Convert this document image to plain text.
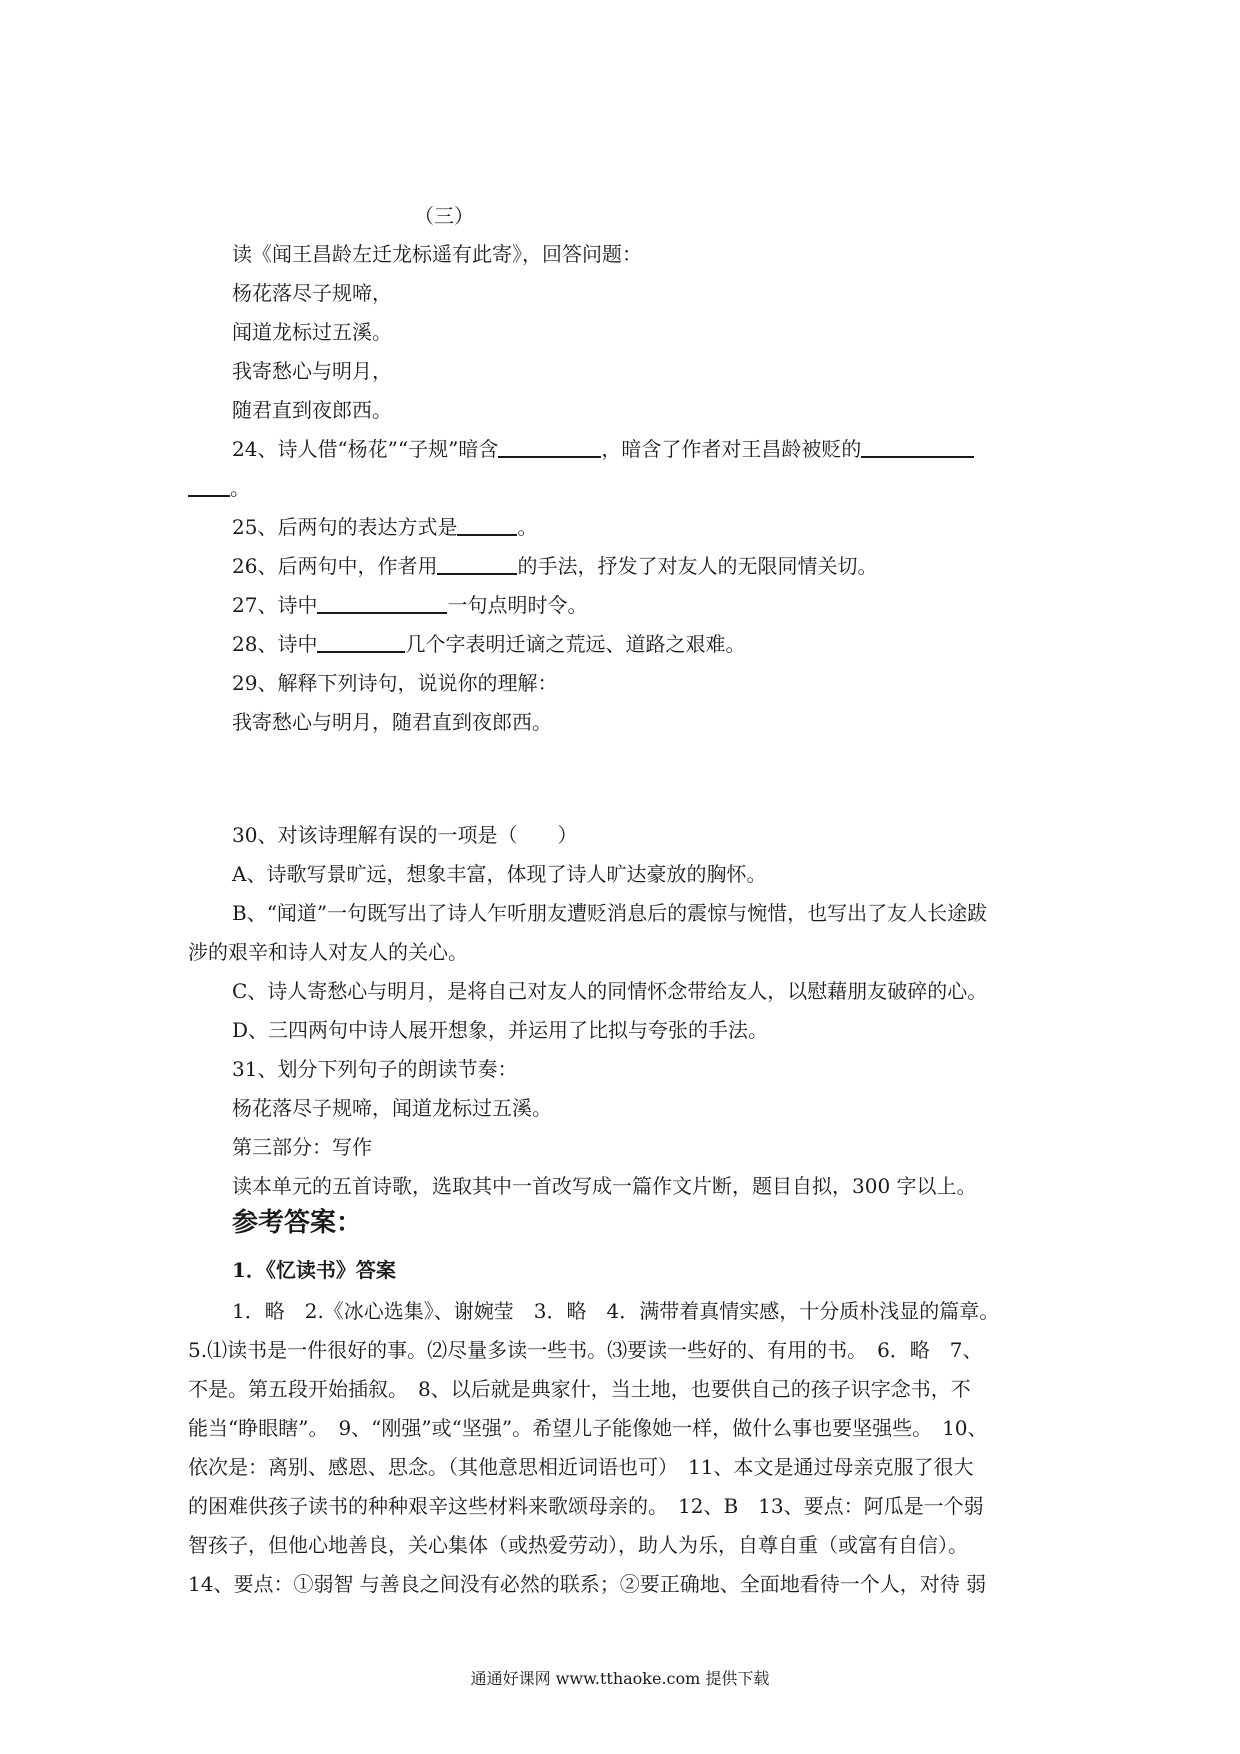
（三）
读《闻王昌龄左迁龙标遥有此寄》，回答问题：
杨花落尽子规啼，
闻道龙标过五溪。
我寄愁心与明月，
随君直到夜郎西。
24、诗人借“杨花”“子规”暗含	，暗含了作者对王昌龄被贬的
。
25、后两句的表达方式是	。
26、后两句中，作者用	的手法，抒发了对友人的无限同情关切。
27、诗中	一句点明时令。
28、诗中	几个字表明迁谪之荒远、道路之艰难。
29、解释下列诗句，说说你的理解：
我寄愁心与明月，随君直到夜郎西。
30、对该诗理解有误的一项是（　　）
A、诗歌写景旷远，想象丰富，体现了诗人旷达豪放的胸怀。
B、“闻道”一句既写出了诗人乍听朋友遭贬消息后的震惊与惋惜，也写出了友人长途跋
涉的艰辛和诗人对友人的关心。
C、诗人寄愁心与明月，是将自己对友人的同情怀念带给友人，以慰藉朋友破碎的心。
D、三四两句中诗人展开想象，并运用了比拟与夸张的手法。
31、划分下列句子的朗读节奏：
杨花落尽子规啼，闻道龙标过五溪。
第三部分：写作
读本单元的五首诗歌，选取其中一首改写成一篇作文片断，题目自拟，300 字以上。
参考答案：
1．《忆读书》答案
1．略　2.《冰心选集》、谢婉莹　3．略　4．满带着真情实感，十分质朴浅显的篇章。
5.⑴读书是一件很好的事。⑵尽量多读一些书。⑶要读一些好的、有用的书。　6．略　7、
不是。第五段开始插叙。　8、以后就是典家什，当土地，也要供自己的孩子识字念书，不
能当“睁眼瞎”。　9、“刚强”或“坚强”。希望儿子能像她一样，做什么事也要坚强些。　10、
依次是：离别、感恩、思念。（其他意思相近词语也可）　11、本文是通过母亲克服了很大
的困难供孩子读书的种种艰辛这些材料来歌颂母亲的。　12、B　13、要点：阿瓜是一个弱
智孩子，但他心地善良，关心集体（或热爱劳动），助人为乐，自尊自重（或富有自信）。
14、要点：①弱智 与善良之间没有必然的联系；②要正确地、全面地看待一个人，对待 弱
通通好课网 www.tthaoke.com 提供下载
